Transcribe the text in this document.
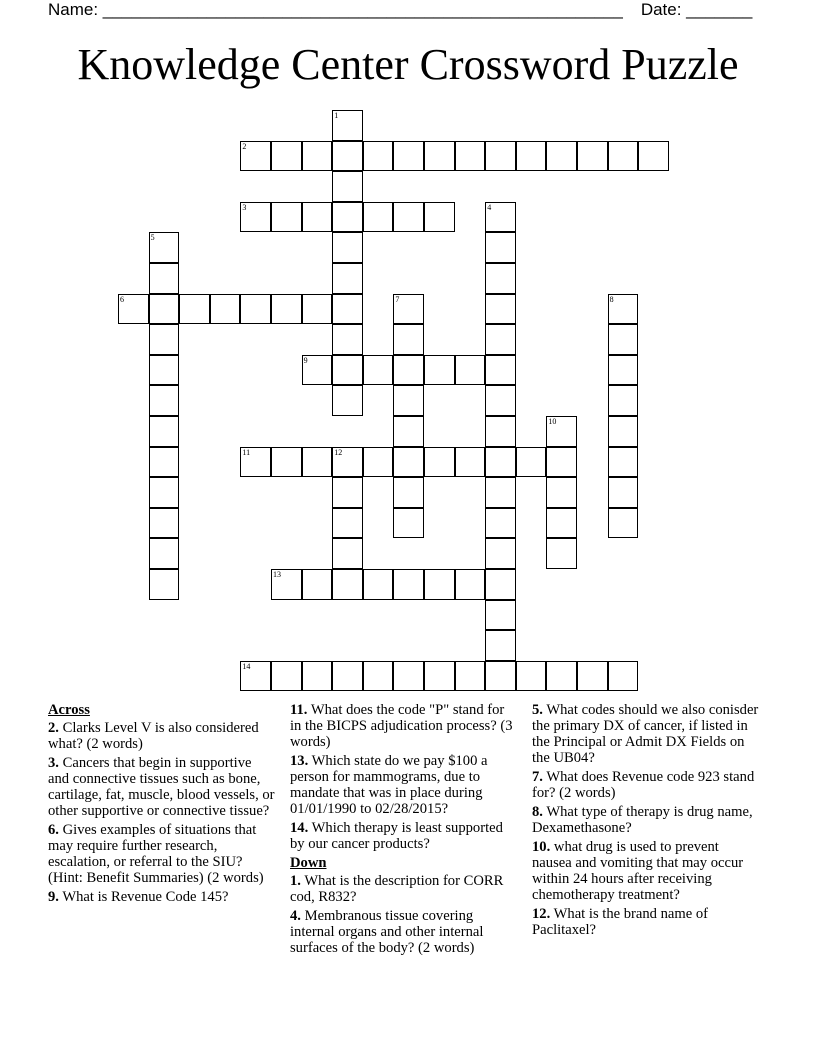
Name: _______________________________________________________ Date: _______
Knowledge Center Crossword Puzzle
1
2
3	4
5
6	7	8
9
10
11	12
13
14
Across
2. Clarks Level V is also considered what? (2 words)
3. Cancers that begin in supportive and connective tissues such as bone, cartilage, fat, muscle, blood vessels, or other supportive or connective tissue?
6. Gives examples of situations that may require further research, escalation, or referral to the SIU? (Hint: Benefit Summaries) (2 words)
9. What is Revenue Code 145?
11. What does the code "P" stand for in the BICPS adjudication process? (3 words)
13. Which state do we pay $100 a person for mammograms, due to mandate that was in place during 01/01/1990 to 02/28/2015?
14. Which therapy is least supported by our cancer products?
Down
1. What is the description for CORR cod, R832?
4. Membranous tissue covering internal organs and other internal surfaces of the body? (2 words)
5. What codes should we also conisder the primary DX of cancer, if listed in the Principal or Admit DX Fields on the UB04?
7. What does Revenue code 923 stand for? (2 words)
8. What type of therapy is drug name, Dexamethasone?
10. what drug is used to prevent nausea and vomiting that may occur within 24 hours after receiving chemotherapy treatment?
12. What is the brand name of Paclitaxel?
